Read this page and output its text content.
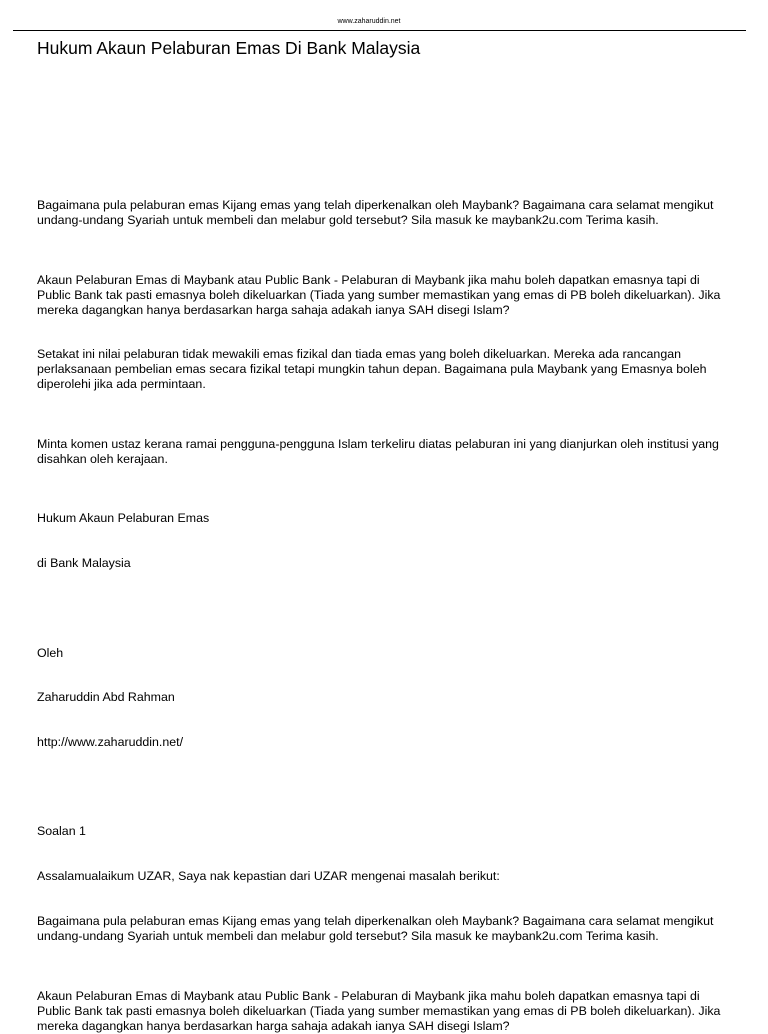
www.zaharuddin.net
Hukum Akaun Pelaburan Emas Di Bank Malaysia

Bagaimana pula pelaburan emas Kijang emas yang telah diperkenalkan oleh Maybank? Bagaimana cara selamat mengikut undang-undang Syariah untuk membeli dan melabur gold tersebut? Sila masuk ke maybank2u.com Terima kasih.

Akaun Pelaburan Emas di Maybank atau Public Bank - Pelaburan di Maybank jika mahu boleh dapatkan emasnya tapi di Public Bank tak pasti emasnya boleh dikeluarkan (Tiada yang sumber memastikan yang emas di PB boleh dikeluarkan). Jika mereka dagangkan hanya berdasarkan harga sahaja adakah ianya SAH disegi Islam?

Setakat ini nilai pelaburan tidak mewakili emas fizikal dan tiada emas yang boleh dikeluarkan. Mereka ada rancangan perlaksanaan pembelian emas secara fizikal tetapi mungkin tahun depan. Bagaimana pula Maybank yang Emasnya boleh diperolehi jika ada permintaan.

Minta komen ustaz kerana ramai pengguna-pengguna Islam terkeliru diatas pelaburan ini yang dianjurkan oleh institusi yang disahkan oleh kerajaan.

Hukum Akaun Pelaburan Emas

di Bank Malaysia

Oleh

Zaharuddin Abd Rahman

http://www.zaharuddin.net/

Soalan 1

Assalamualaikum UZAR, Saya nak kepastian dari UZAR mengenai masalah berikut:

Bagaimana pula pelaburan emas Kijang emas yang telah diperkenalkan oleh Maybank? Bagaimana cara selamat mengikut undang-undang Syariah untuk membeli dan melabur gold tersebut? Sila masuk ke maybank2u.com Terima kasih.

Akaun Pelaburan Emas di Maybank atau Public Bank - Pelaburan di Maybank jika mahu boleh dapatkan emasnya tapi di Public Bank tak pasti emasnya boleh dikeluarkan (Tiada yang sumber memastikan yang emas di PB boleh dikeluarkan). Jika mereka dagangkan hanya berdasarkan harga sahaja adakah ianya SAH disegi Islam?
